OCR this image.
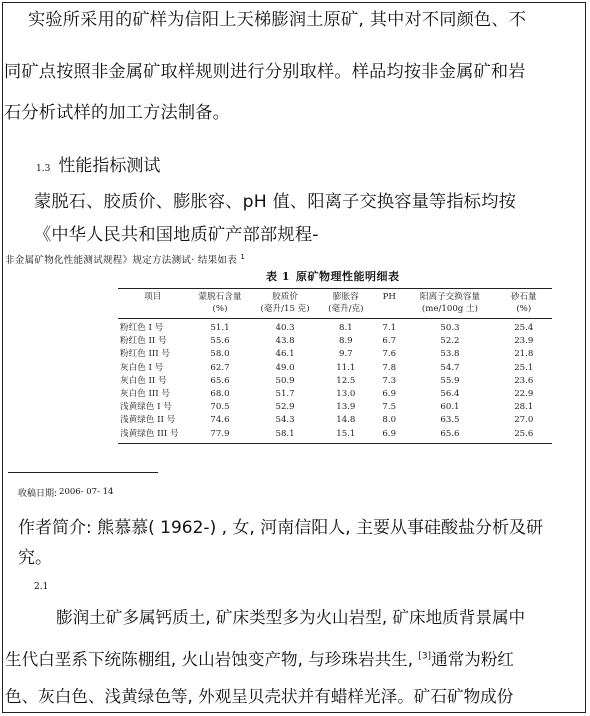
实验所采用的矿样为信阳上天梯膨润土原矿, 其中对不同颜色、不
同矿点按照非金属矿取样规则进行分别取样。样品均按非金属矿和岩
石分析试样的加工方法制备。
1.3 性能指标测试
蒙脱石、胶质价、膨胀容、pH 值、阳离子交换容量等指标均按
《中华人民共和国地质矿产部部规程-
非金属矿物化性能测试规程》规定方法测试· 结果如表 $^1$
表 1 原矿物理性能明细表
项目	蒙脱石含量	胶质价	膨胀容	PH	阳离子交换容量	砂石量
	(%)	(毫升/15 克)	(毫升/克)		(me/100g 土)	(%)
粉红色 I 号	51.1	40.3	8.1	7.1	50.3	25.4
粉红色 II 号	55.6	43.8	8.9	6.7	52.2	23.9
粉红色 III 号	58.0	46.1	9.7	7.6	53.8	21.8
灰白色 I 号	62.7	49.0	11.1	7.8	54.7	25.1
灰白色 II 号	65.6	50.9	12.5	7.3	55.9	23.6
灰白色 III 号	68.0	51.7	13.0	6.9	56.4	22.9
浅黄绿色 I 号	70.5	52.9	13.9	7.5	60.1	28.1
浅黄绿色 II 号	74.6	54.3	14.8	8.0	63.5	27.0
浅黄绿色 III 号	77.9	58.1	15.1	6.9	65.6	25.6
收稿日期: 2006- 07- 14
作者简介: 熊慕慕( 1962-) , 女, 河南信阳人, 主要从事硅酸盐分析及研
究。
2.1
膨润土矿多属钙质土, 矿床类型多为火山岩型, 矿床地质背景属中
生代白垩系下统陈棚组, 火山岩蚀变产物, 与珍珠岩共生, [3]通常为粉红
色、灰白色、浅黄绿色等, 外观呈贝壳状并有蜡样光泽。矿石矿物成份
